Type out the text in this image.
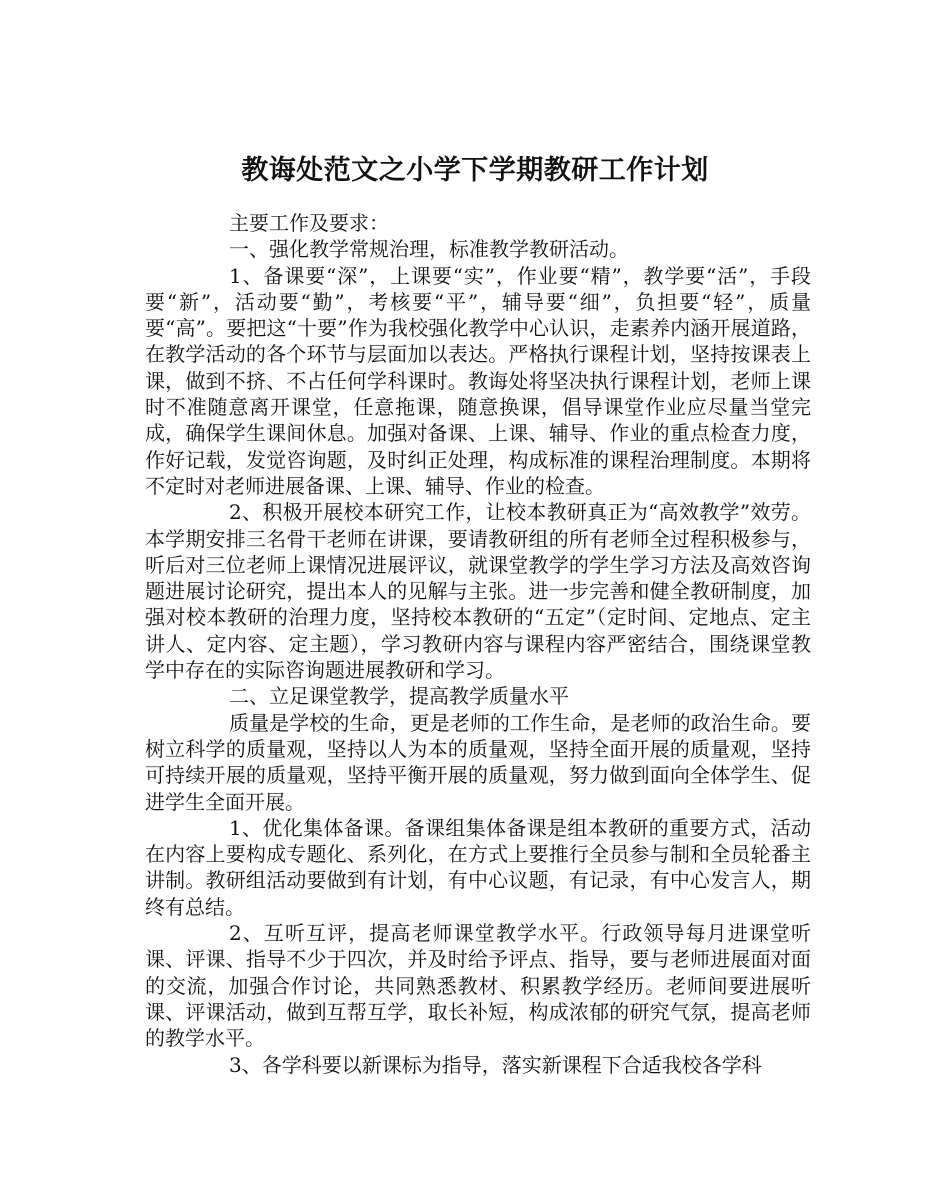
教诲处范文之小学下学期教研工作计划

主要工作及要求：

一、强化教学常规治理，标准教学教研活动。

1、备课要“深”，上课要“实”，作业要“精”，教学要“活”，手段要“新”，活动要“勤”，考核要“平”，辅导要“细”，负担要“轻”，质量要“高”。要把这“十要”作为我校强化教学中心认识，走素养内涵开展道路，在教学活动的各个环节与层面加以表达。严格执行课程计划，坚持按课表上课，做到不挤、不占任何学科课时。教诲处将坚决执行课程计划，老师上课时不准随意离开课堂，任意拖课，随意换课，倡导课堂作业应尽量当堂完成，确保学生课间休息。加强对备课、上课、辅导、作业的重点检查力度，作好记载，发觉咨询题，及时纠正处理，构成标准的课程治理制度。本期将不定时对老师进展备课、上课、辅导、作业的检查。

2、积极开展校本研究工作，让校本教研真正为“高效教学”效劳。本学期安排三名骨干老师在讲课，要请教研组的所有老师全过程积极参与，听后对三位老师上课情况进展评议，就课堂教学的学生学习方法及高效咨询题进展讨论研究，提出本人的见解与主张。进一步完善和健全教研制度，加强对校本教研的治理力度，坚持校本教研的“五定”（定时间、定地点、定主讲人、定内容、定主题），学习教研内容与课程内容严密结合，围绕课堂教学中存在的实际咨询题进展教研和学习。

二、立足课堂教学，提高教学质量水平

质量是学校的生命，更是老师的工作生命，是老师的政治生命。要树立科学的质量观，坚持以人为本的质量观，坚持全面开展的质量观，坚持可持续开展的质量观，坚持平衡开展的质量观，努力做到面向全体学生、促进学生全面开展。

1、优化集体备课。备课组集体备课是组本教研的重要方式，活动在内容上要构成专题化、系列化，在方式上要推行全员参与制和全员轮番主讲制。教研组活动要做到有计划，有中心议题，有记录，有中心发言人，期终有总结。

2、互听互评，提高老师课堂教学水平。行政领导每月进课堂听课、评课、指导不少于四次，并及时给予评点、指导，要与老师进展面对面的交流，加强合作讨论，共同熟悉教材、积累教学经历。老师间要进展听课、评课活动，做到互帮互学，取长补短，构成浓郁的研究气氛，提高老师的教学水平。

3、各学科要以新课标为指导，落实新课程下合适我校各学科
